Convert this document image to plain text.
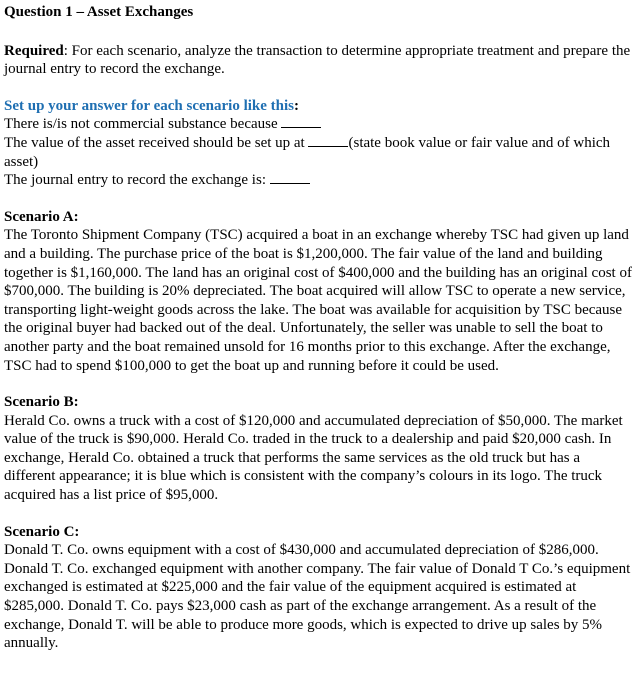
Question 1 – Asset Exchanges
Required: For each scenario, analyze the transaction to determine appropriate treatment and prepare the journal entry to record the exchange.
Set up your answer for each scenario like this:
There is/is not commercial substance because
The value of the asset received should be set up at	(state book value or fair value and of which asset)
The journal entry to record the exchange is:
Scenario A:

The Toronto Shipment Company (TSC) acquired a boat in an exchange whereby TSC had given up land and a building. The purchase price of the boat is $1,200,000. The fair value of the land and building together is $1,160,000. The land has an original cost of $400,000 and the building has an original cost of $700,000. The building is 20% depreciated. The boat acquired will allow TSC to operate a new service, transporting light-weight goods across the lake. The boat was available for acquisition by TSC because the original buyer had backed out of the deal. Unfortunately, the seller was unable to sell the boat to another party and the boat remained unsold for 16 months prior to this exchange. After the exchange, TSC had to spend $100,000 to get the boat up and running before it could be used.

Scenario B:

Herald Co. owns a truck with a cost of $120,000 and accumulated depreciation of $50,000. The market value of the truck is $90,000. Herald Co. traded in the truck to a dealership and paid $20,000 cash. In exchange, Herald Co. obtained a truck that performs the same services as the old truck but has a different appearance; it is blue which is consistent with the company’s colours in its logo. The truck acquired has a list price of $95,000.

Scenario C:

Donald T. Co. owns equipment with a cost of $430,000 and accumulated depreciation of $286,000. Donald T. Co. exchanged equipment with another company. The fair value of Donald T Co.’s equipment exchanged is estimated at $225,000 and the fair value of the equipment acquired is estimated at $285,000. Donald T. Co. pays $23,000 cash as part of the exchange arrangement. As a result of the exchange, Donald T. will be able to produce more goods, which is expected to drive up sales by 5% annually.
